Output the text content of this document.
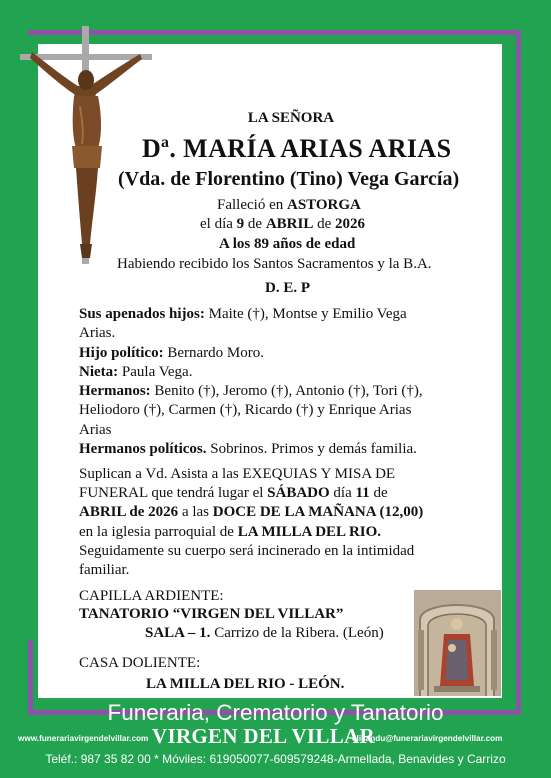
LA SEÑORA
Dª. MARÍA ARIAS ARIAS
(Vda. de Florentino (Tino) Vega García)
Falleció en ASTORGA
el día 9 de ABRIL de 2026
A los 89 años de edad
Habiendo recibido los Santos Sacramentos y la B.A.
D. E. P
Sus apenados hijos: Maite (†), Montse y Emilio Vega
Arias.
Hijo político: Bernardo Moro.
Nieta: Paula Vega.
Hermanos: Benito (†), Jeromo (†), Antonio (†), Tori (†),
Heliodoro (†), Carmen (†), Ricardo (†) y Enrique Arias
Arias
Hermanos políticos. Sobrinos. Primos y demás familia.
Suplican a Vd. Asista a las EXEQUIAS Y MISA DE
FUNERAL que tendrá lugar el SÁBADO día 11 de
ABRIL de 2026 a las DOCE DE LA MAÑANA (12,00)
en la iglesia parroquial de LA MILLA DEL RIO.
Seguidamente su cuerpo será incinerado en la intimidad
familiar.
CAPILLA ARDIENTE:
TANATORIO “VIRGEN DEL VILLAR”
SALA – 1. Carrizo de la Ribera. (León)
CASA DOLIENTE:
LA MILLA DEL RIO - LEÓN.
Funeraria, Crematorio y Tanatorio
www.funerariavirgendelvillar.com VIRGEN DEL VILLAR
elisandu@funerariavirgendelvillar.com
Teléf.: 987 35 82 00 * Móviles: 619050077-609579248-Armellada, Benavides y Carrizo
